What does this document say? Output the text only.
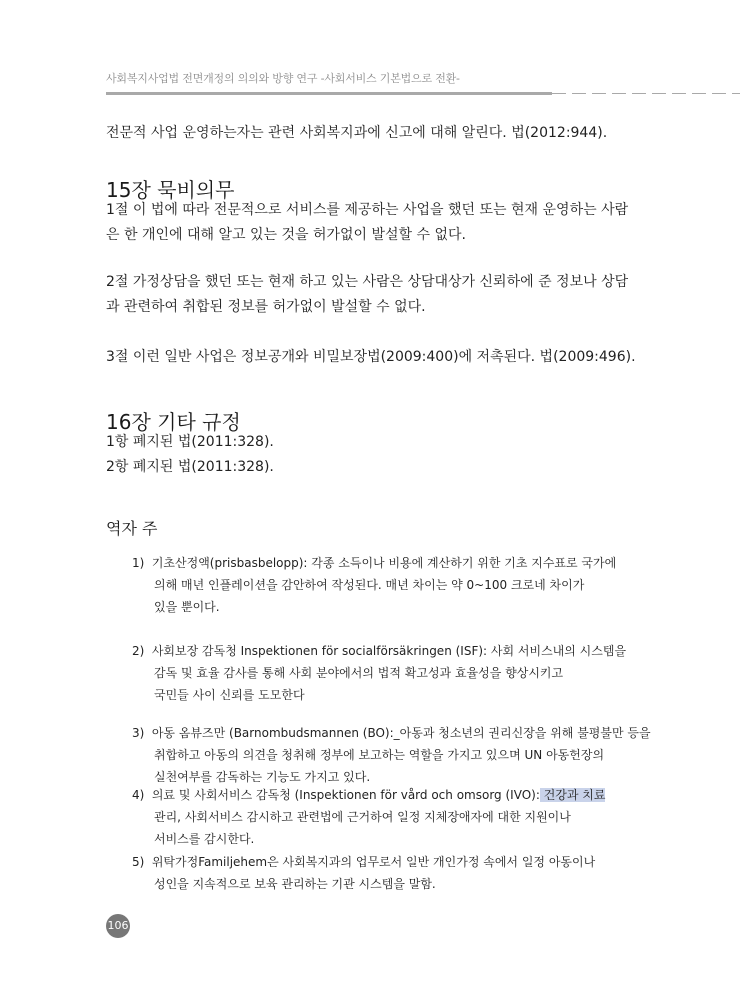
사회복지사업법 전면개정의 의의와 방향 연구 -사회서비스 기본법으로 전환-
전문적 사업 운영하는자는 관련 사회복지과에 신고에 대해 알린다. 법(2012:944).
15장 묵비의무
1절 이 법에 따라 전문적으로 서비스를 제공하는 사업을 했던 또는 현재 운영하는 사람
은 한 개인에 대해 알고 있는 것을 허가없이 발설할 수 없다.
2절 가정상담을 했던 또는 현재 하고 있는 사람은 상담대상가 신뢰하에 준 정보나 상담
과 관련하여 취합된 정보를 허가없이 발설할 수 없다.
3절 이런 일반 사업은 정보공개와 비밀보장법(2009:400)에 저촉된다. 법(2009:496).
16장 기타 규정
1항 폐지된 법(2011:328).
2항 폐지된 법(2011:328).
역자 주
1) 기초산정액(prisbasbelopp): 각종 소득이나 비용에 계산하기 위한 기초 지수표로 국가에
의해 매년 인플레이션을 감안하여 작성된다. 매년 차이는 약 0~100 크로네 차이가
있을 뿐이다.
2) 사회보장 감독청 Inspektionen för socialförsäkringen (ISF): 사회 서비스내의 시스템을
감독 및 효율 감사를 통해 사회 분야에서의 법적 확고성과 효율성을 향상시키고
국민들 사이 신뢰를 도모한다
3) 아동 옴뷰즈만 (Barnombudsmannen (BO):_아동과 청소년의 권리신장을 위해 불평불만 등을
취합하고 아동의 의견을 청취해 정부에 보고하는 역할을 가지고 있으며 UN 아동헌장의
실천여부를 감독하는 기능도 가지고 있다.
4) 의료 및 사회서비스 감독청 (Inspektionen för vård och omsorg (IVO): 건강과 치료
관리, 사회서비스 감시하고 관련법에 근거하여 일정 지체장애자에 대한 지원이나
서비스를 감시한다.
5) 위탁가정Familjehem은 사회복지과의 업무로서 일반 개인가정 속에서 일정 아동이나
성인을 지속적으로 보육 관리하는 기관 시스템을 말함.
106
